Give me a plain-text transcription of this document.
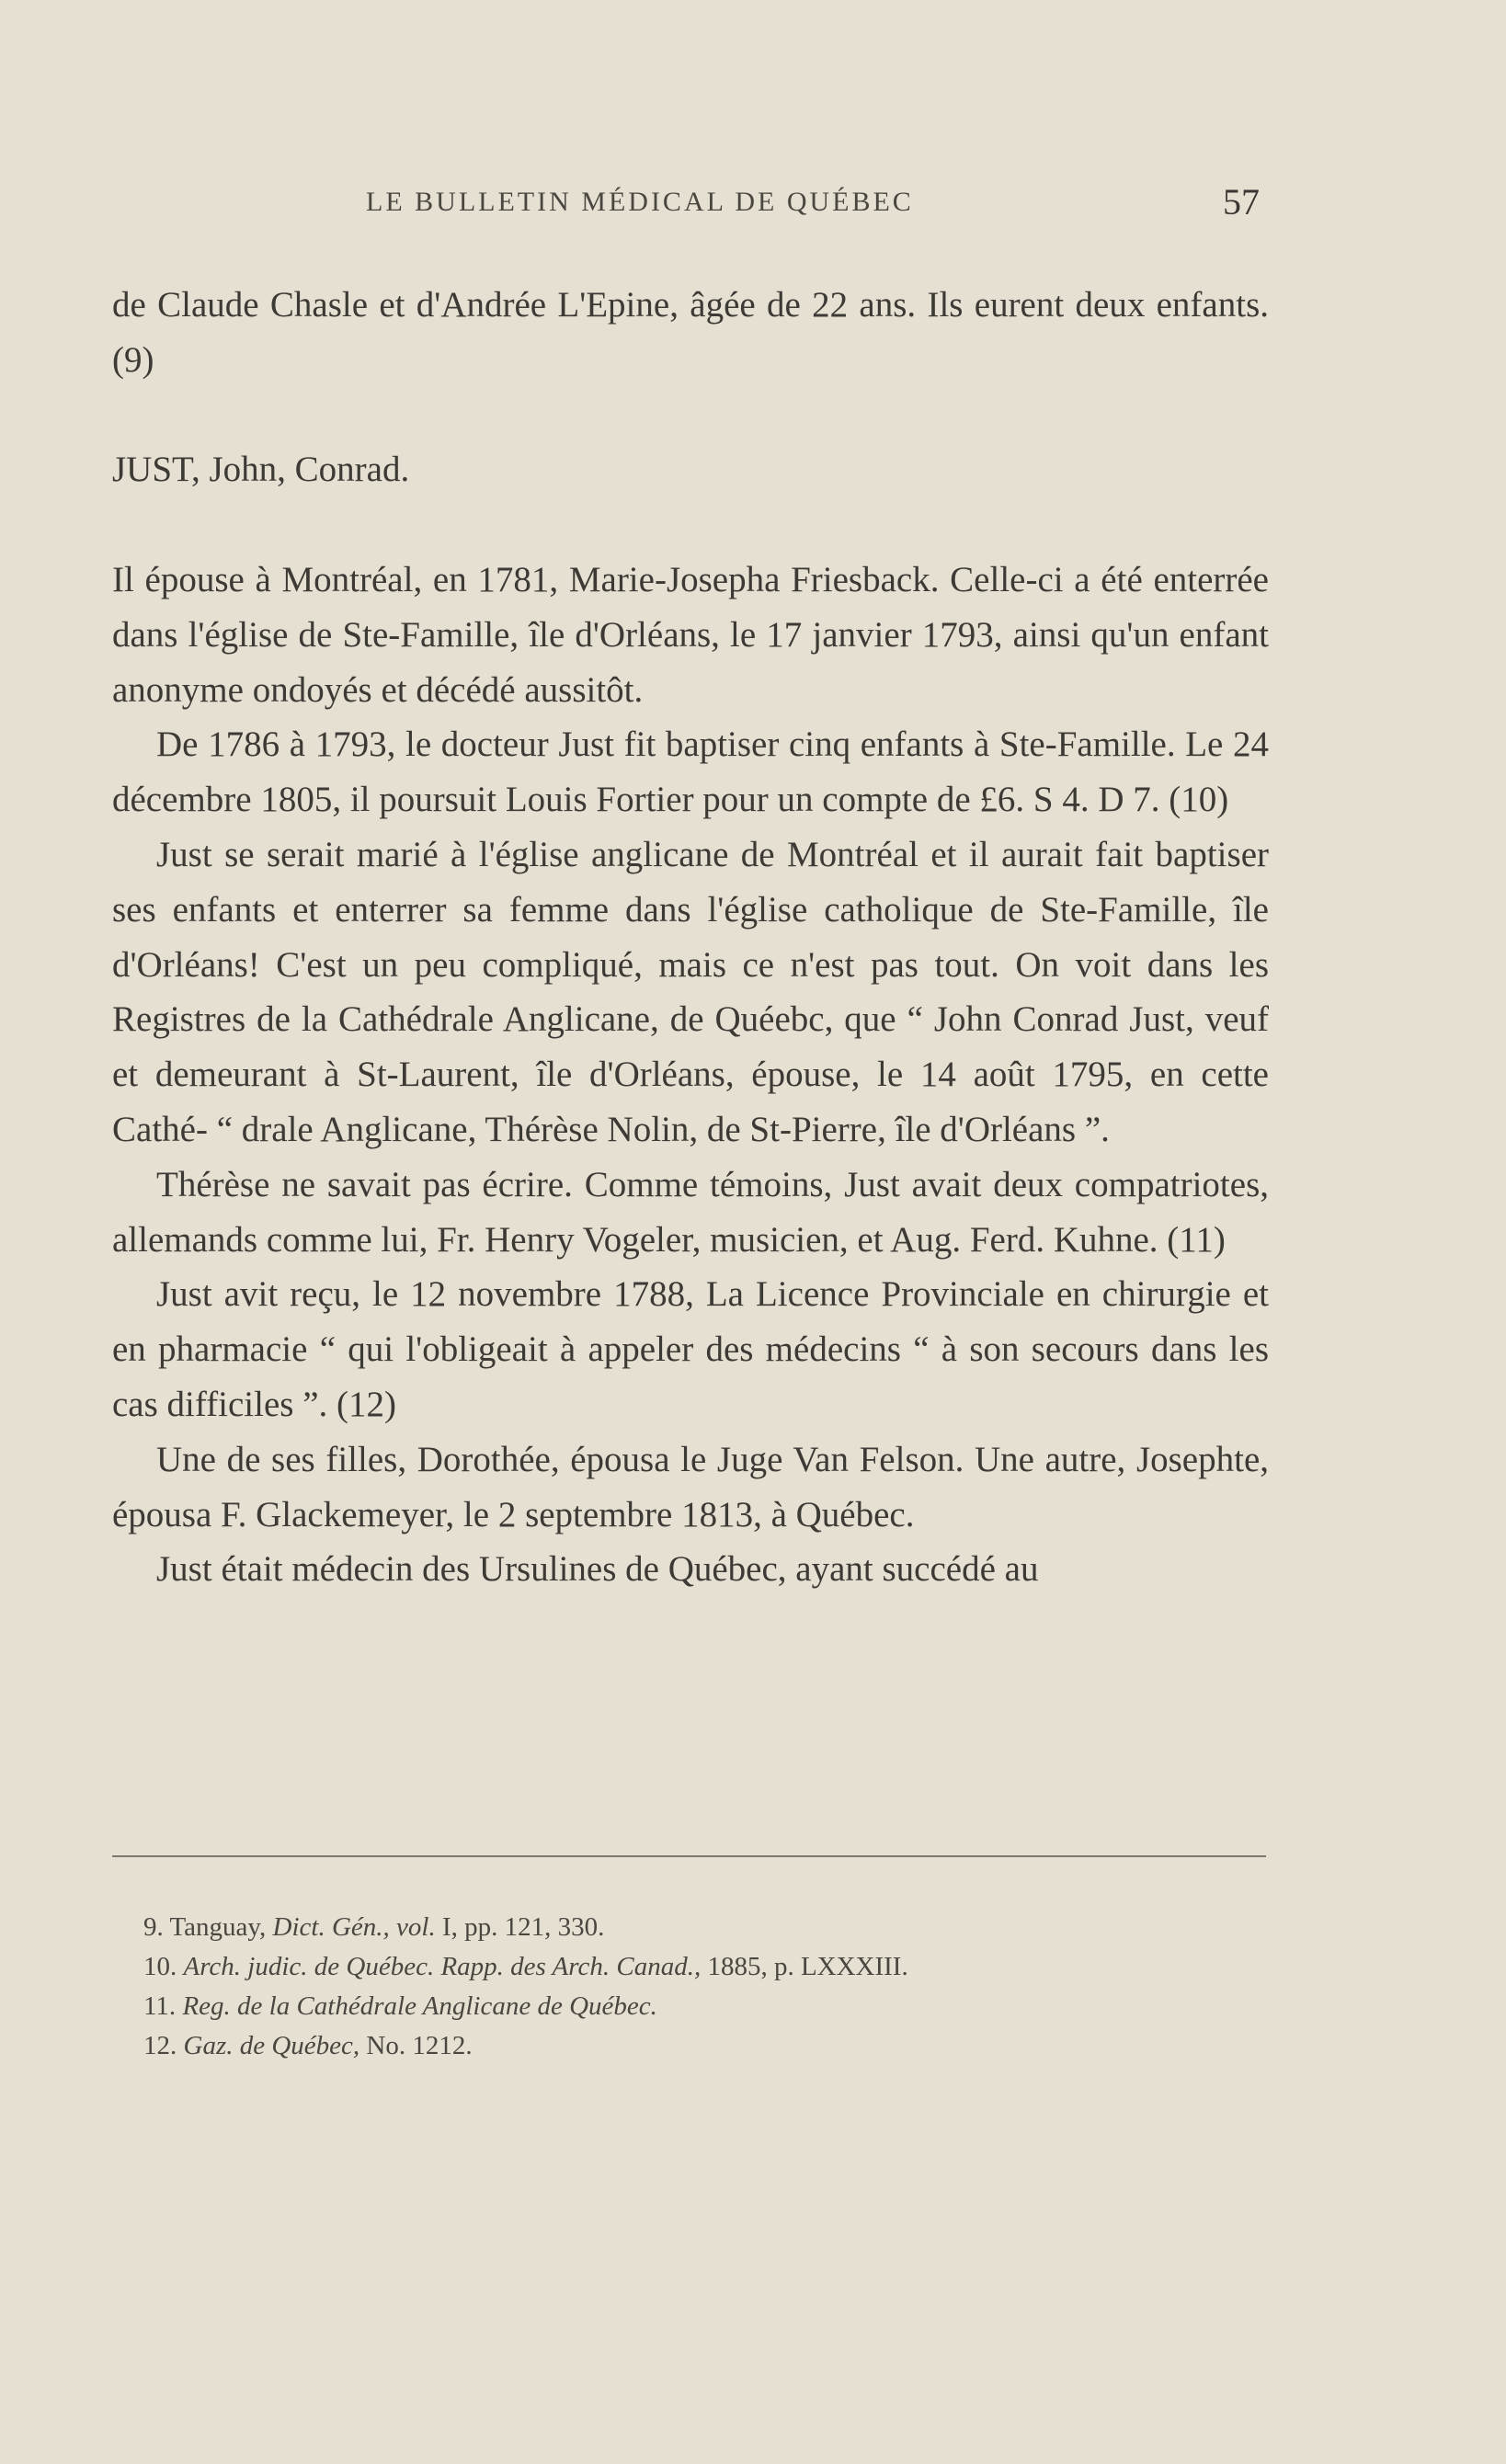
LE BULLETIN MÉDICAL DE QUÉBEC	57

de Claude Chasle et d'Andrée L'Epine, âgée de 22 ans. Ils eurent deux enfants. (9)

JUST, John, Conrad.

Il épouse à Montréal, en 1781, Marie-Josepha Friesback. Celle-ci a été enterrée dans l'église de Ste-Famille, île d'Orléans, le 17 janvier 1793, ainsi qu'un enfant anonyme ondoyés et décédé aussitôt.

De 1786 à 1793, le docteur Just fit baptiser cinq enfants à Ste-Famille. Le 24 décembre 1805, il poursuit Louis Fortier pour un compte de £6. S 4. D 7. (10)

Just se serait marié à l'église anglicane de Montréal et il aurait fait baptiser ses enfants et enterrer sa femme dans l'église catholique de Ste-Famille, île d'Orléans! C'est un peu compliqué, mais ce n'est pas tout. On voit dans les Registres de la Cathédrale Anglicane, de Quéebc, que “ John Conrad Just, veuf et demeurant à St-Laurent, île d'Orléans, épouse, le 14 août 1795, en cette Cathé- “ drale Anglicane, Thérèse Nolin, de St-Pierre, île d'Orléans ”.

Thérèse ne savait pas écrire. Comme témoins, Just avait deux compatriotes, allemands comme lui, Fr. Henry Vogeler, musicien, et Aug. Ferd. Kuhne. (11)

Just avit reçu, le 12 novembre 1788, La Licence Provinciale en chirurgie et en pharmacie “ qui l'obligeait à appeler des médecins “ à son secours dans les cas difficiles ”. (12)

Une de ses filles, Dorothée, épousa le Juge Van Felson. Une autre, Josephte, épousa F. Glackemeyer, le 2 septembre 1813, à Québec.

Just était médecin des Ursulines de Québec, ayant succédé au

9. Tanguay, Dict. Gén., vol. I, pp. 121, 330.

10. Arch. judic. de Québec. Rapp. des Arch. Canad., 1885, p. LXXXIII.

11. Reg. de la Cathédrale Anglicane de Québec.

12. Gaz. de Québec, No. 1212.
